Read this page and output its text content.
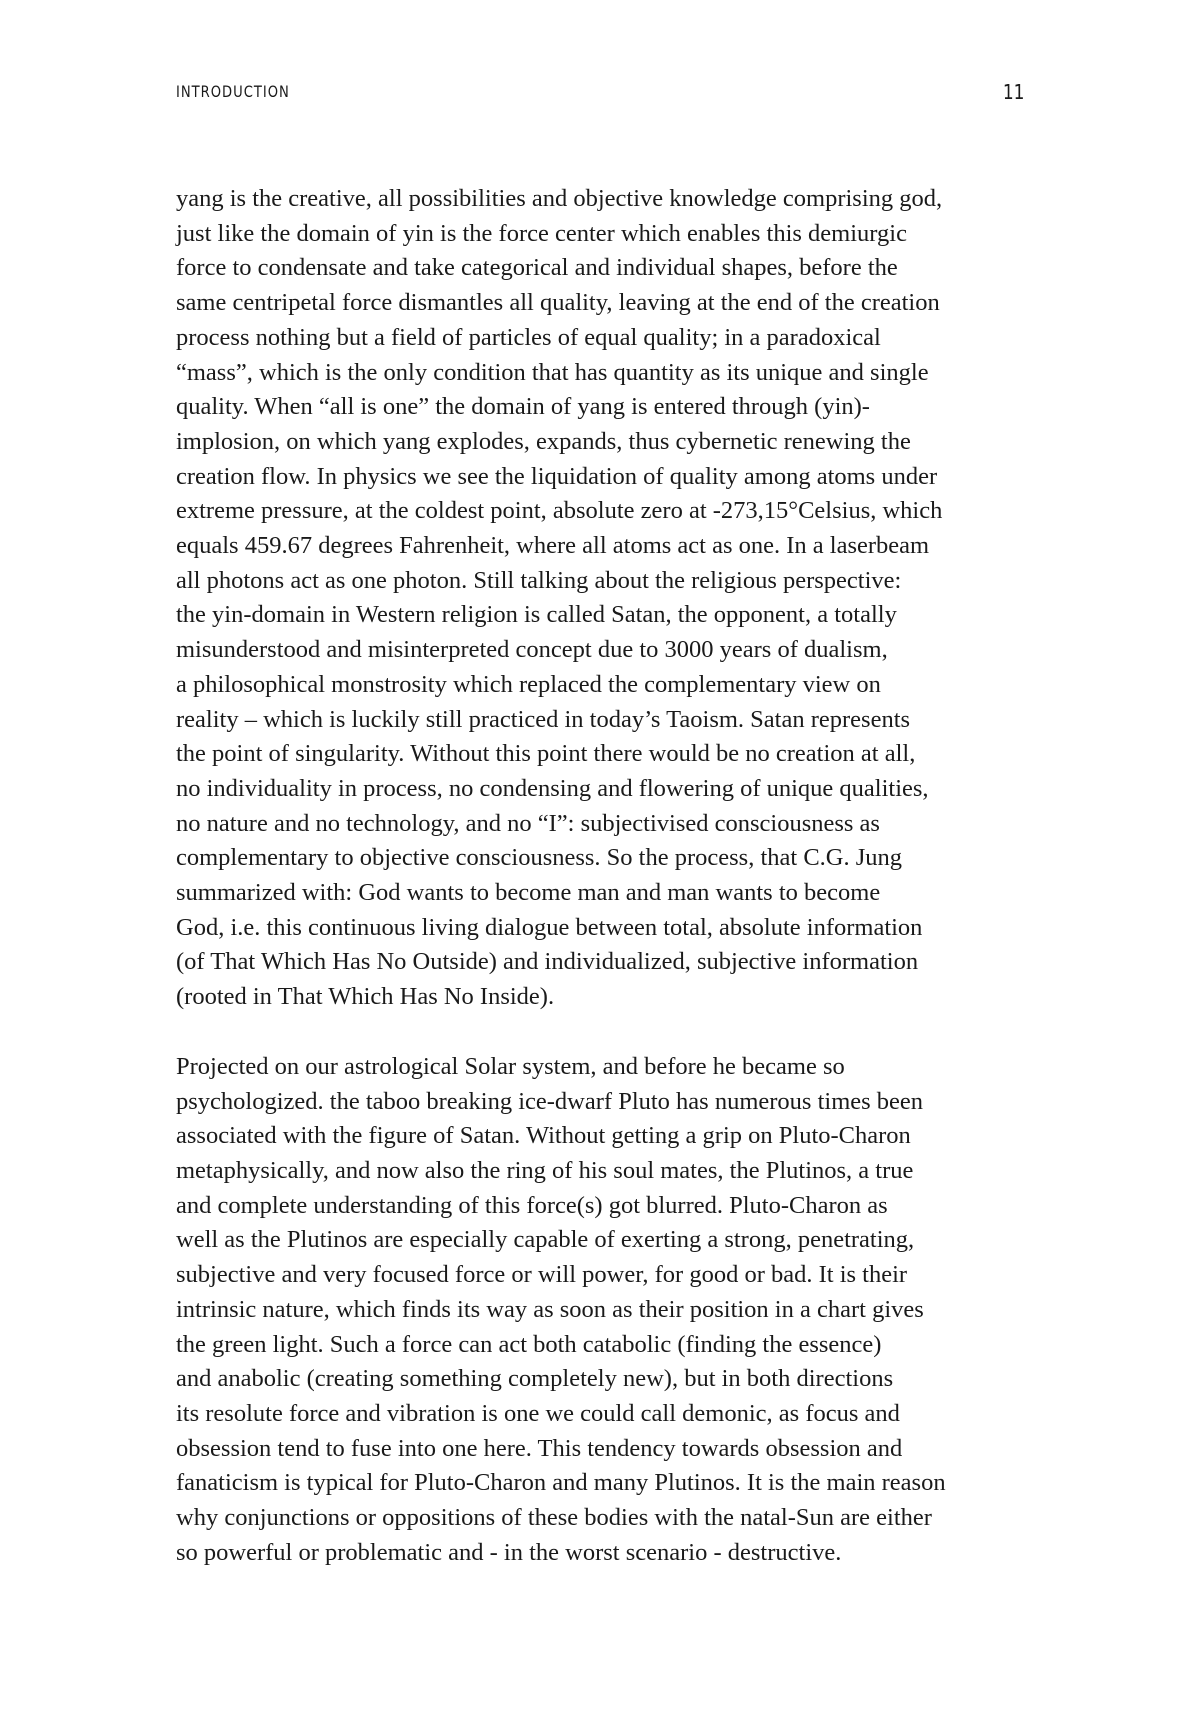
INTRODUCTION	11
yang is the creative, all possibilities and objective knowledge comprising god,
just like the domain of yin is the force center which enables this demiurgic
force to condensate and take categorical and individual shapes, before the
same centripetal force dismantles all quality, leaving at the end of the creation
process nothing but a field of particles of equal quality; in a paradoxical
“mass”, which is the only condition that has quantity as its unique and single
quality. When “all is one” the domain of yang is entered through (yin)-
implosion, on which yang explodes, expands, thus cybernetic renewing the
creation flow. In physics we see the liquidation of quality among atoms under
extreme pressure, at the coldest point, absolute zero at -273,15°Celsius, which
equals 459.67 degrees Fahrenheit, where all atoms act as one. In a laserbeam
all photons act as one photon. Still talking about the religious perspective:
the yin-domain in Western religion is called Satan, the opponent, a totally
misunderstood and misinterpreted concept due to 3000 years of dualism,
a philosophical monstrosity which replaced the complementary view on
reality – which is luckily still practiced in today’s Taoism. Satan represents
the point of singularity. Without this point there would be no creation at all,
no individuality in process, no condensing and flowering of unique qualities,
no nature and no technology, and no “I”: subjectivised consciousness as
complementary to objective consciousness. So the process, that C.G. Jung
summarized with: God wants to become man and man wants to become
God, i.e. this continuous living dialogue between total, absolute information
(of That Which Has No Outside) and individualized, subjective information
(rooted in That Which Has No Inside).
Projected on our astrological Solar system, and before he became so
psychologized. the taboo breaking ice-dwarf Pluto has numerous times been
associated with the figure of Satan. Without getting a grip on Pluto-Charon
metaphysically, and now also the ring of his soul mates, the Plutinos, a true
and complete understanding of this force(s) got blurred. Pluto-Charon as
well as the Plutinos are especially capable of exerting a strong, penetrating,
subjective and very focused force or will power, for good or bad. It is their
intrinsic nature, which finds its way as soon as their position in a chart gives
the green light. Such a force can act both catabolic (finding the essence)
and anabolic (creating something completely new), but in both directions
its resolute force and vibration is one we could call demonic, as focus and
obsession tend to fuse into one here. This tendency towards obsession and
fanaticism is typical for Pluto-Charon and many Plutinos. It is the main reason
why conjunctions or oppositions of these bodies with the natal-Sun are either
so powerful or problematic and - in the worst scenario - destructive.
